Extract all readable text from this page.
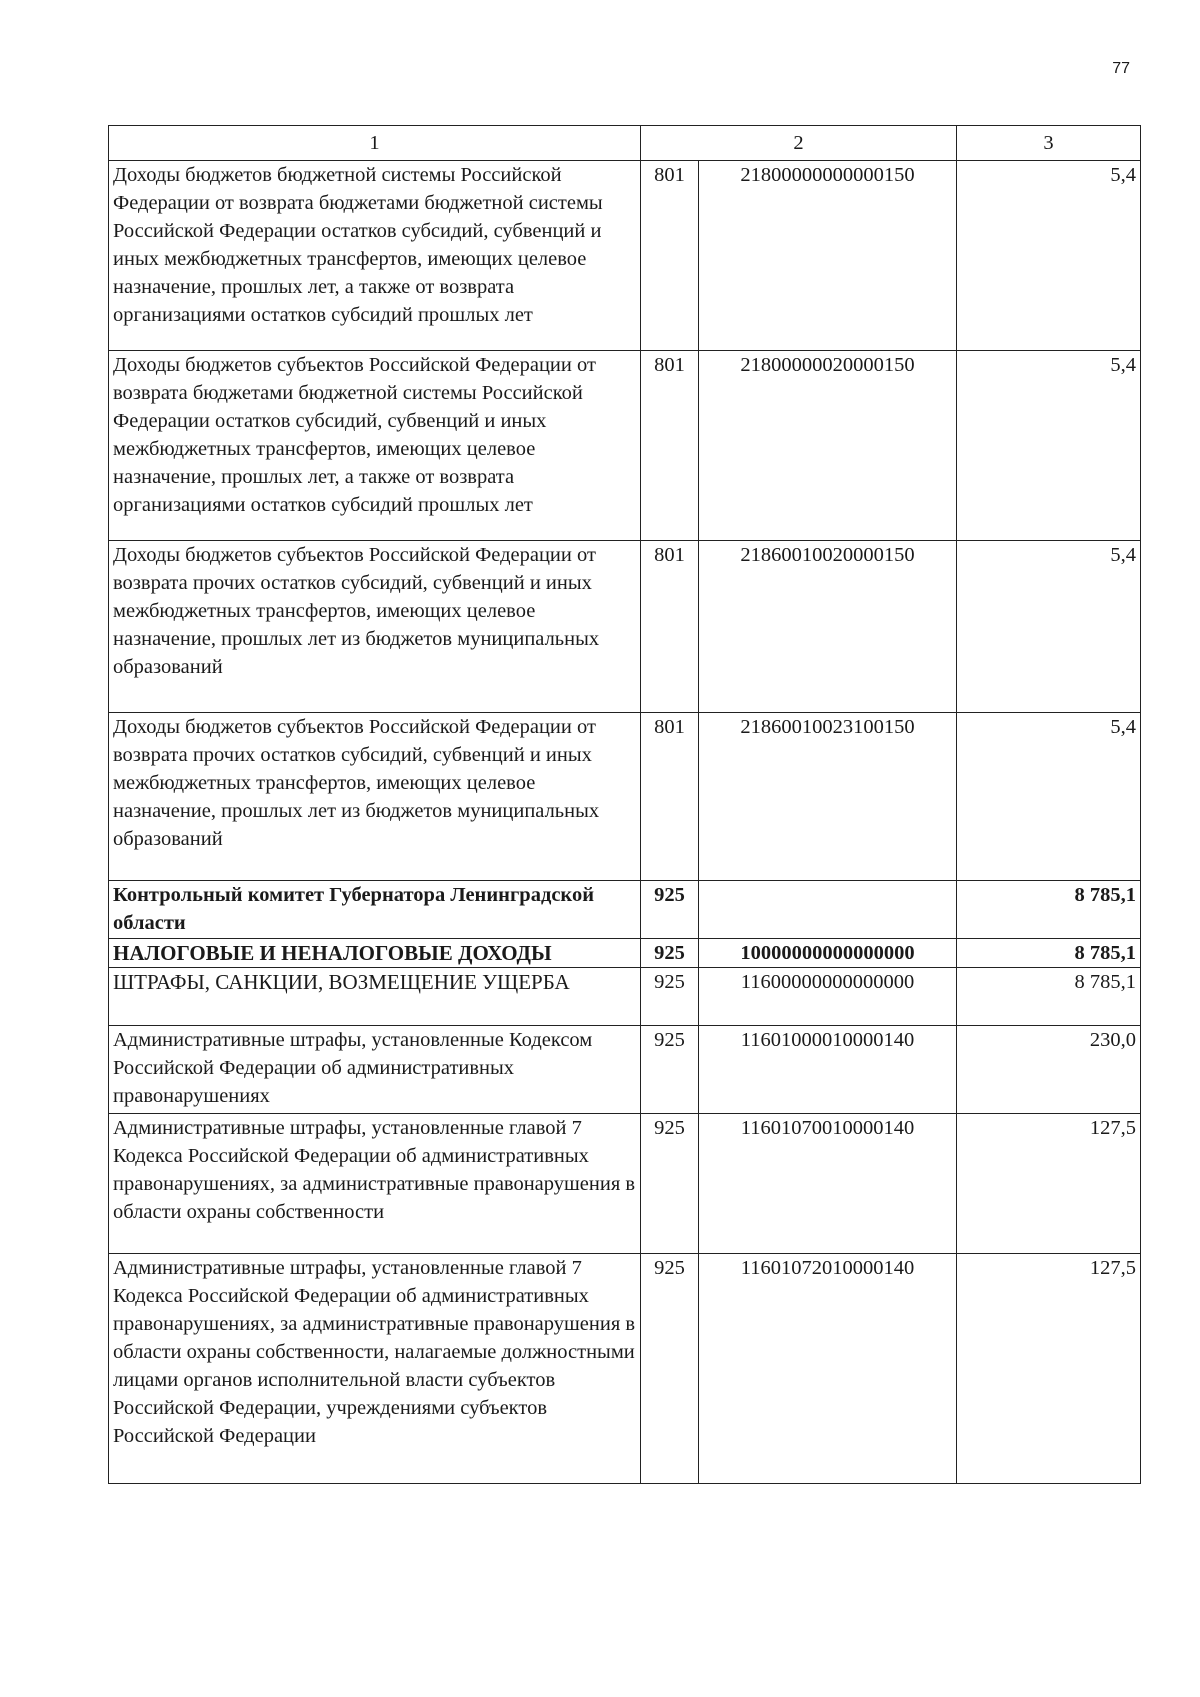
77
1	2		3
Доходы бюджетов бюджетной системы Российской Федерации от возврата бюджетами бюджетной системы Российской Федерации остатков субсидий, субвенций и иных межбюджетных трансфертов, имеющих целевое назначение, прошлых лет, а также от возврата организациями остатков субсидий прошлых лет	801	21800000000000150	5,4
Доходы бюджетов субъектов Российской Федерации от возврата бюджетами бюджетной системы Российской Федерации остатков субсидий, субвенций и иных межбюджетных трансфертов, имеющих целевое назначение, прошлых лет, а также от возврата организациями остатков субсидий прошлых лет	801	21800000020000150	5,4
Доходы бюджетов субъектов Российской Федерации от возврата прочих остатков субсидий, субвенций и иных межбюджетных трансфертов, имеющих целевое назначение, прошлых лет из бюджетов муниципальных образований	801	21860010020000150	5,4
Доходы бюджетов субъектов Российской Федерации от возврата прочих остатков субсидий, субвенций и иных межбюджетных трансфертов, имеющих целевое назначение, прошлых лет из бюджетов муниципальных образований	801	21860010023100150	5,4
Контрольный комитет Губернатора Ленинградской области	925		8 785,1
НАЛОГОВЫЕ И НЕНАЛОГОВЫЕ ДОХОДЫ	925	10000000000000000	8 785,1
ШТРАФЫ, САНКЦИИ, ВОЗМЕЩЕНИЕ УЩЕРБА	925	11600000000000000	8 785,1
Административные штрафы, установленные Кодексом Российской Федерации об административных правонарушениях	925	11601000010000140	230,0
Административные штрафы, установленные главой 7 Кодекса Российской Федерации об административных правонарушениях, за административные правонарушения в области охраны собственности	925	11601070010000140	127,5
Административные штрафы, установленные главой 7 Кодекса Российской Федерации об административных правонарушениях, за административные правонарушения в области охраны собственности, налагаемые должностными лицами органов исполнительной власти субъектов Российской Федерации, учреждениями субъектов Российской Федерации	925	11601072010000140	127,5
